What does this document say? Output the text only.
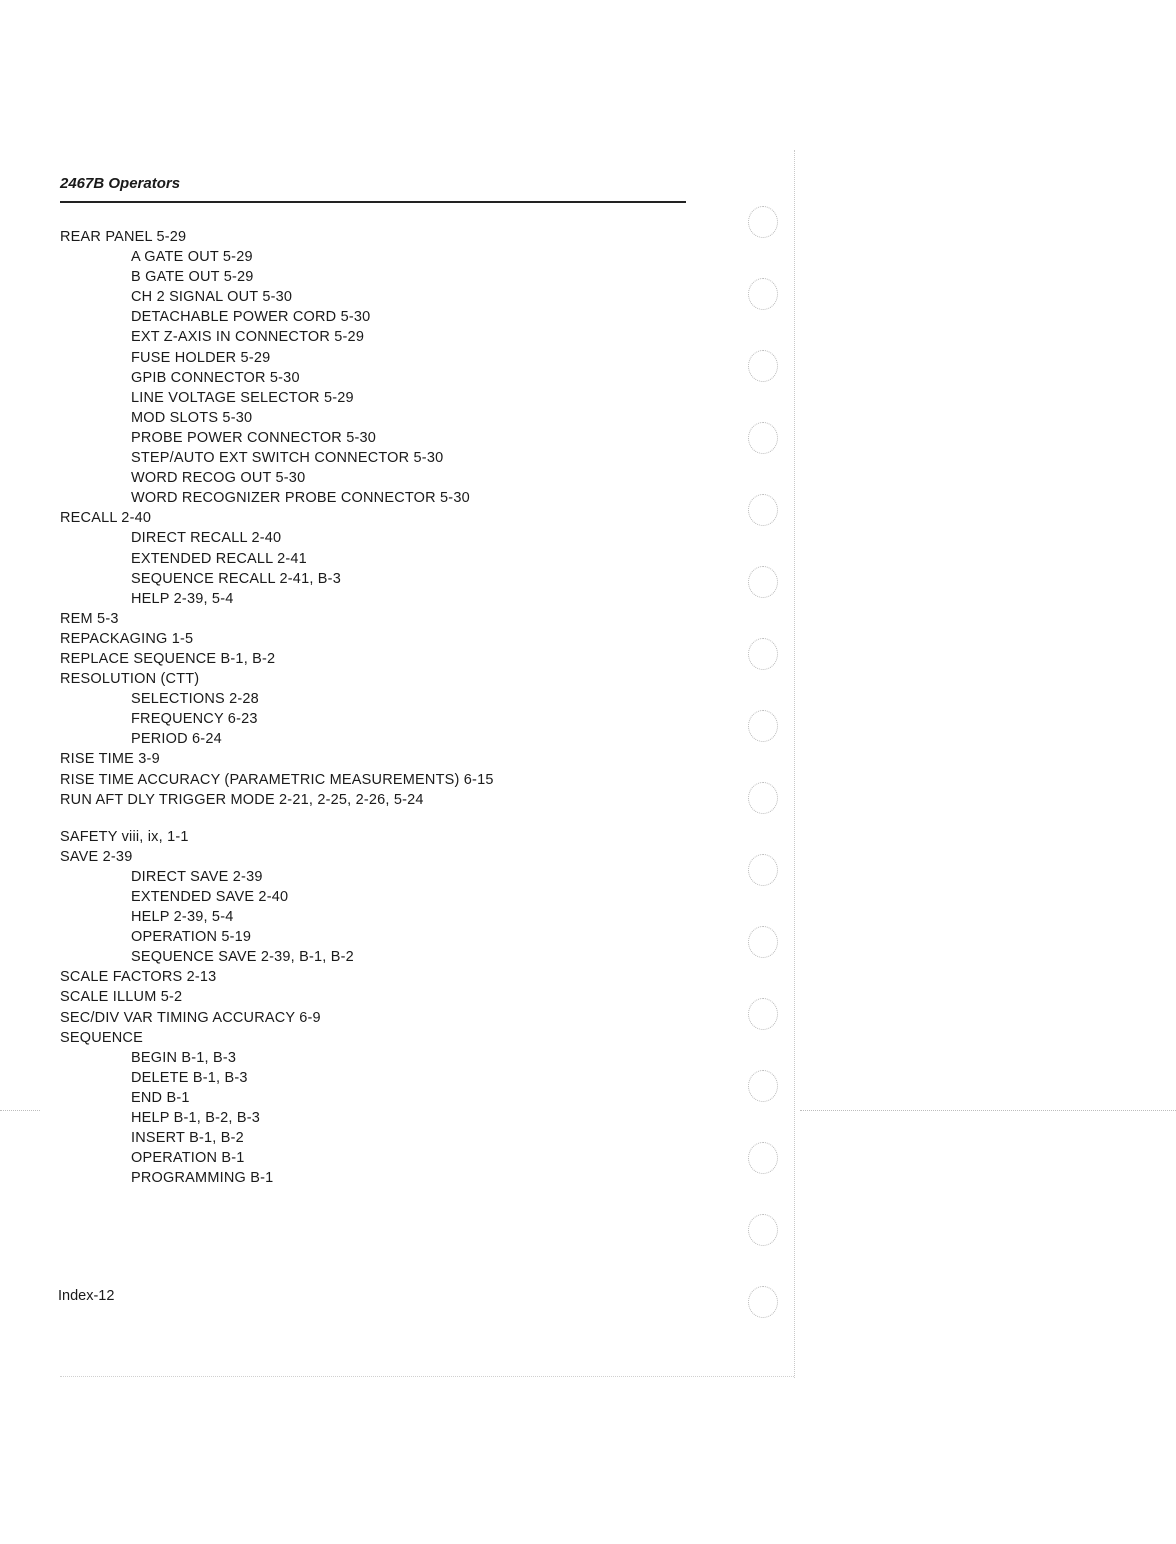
2467B Operators
REAR PANEL 5-29
A GATE OUT 5-29
B GATE OUT 5-29
CH 2 SIGNAL OUT 5-30
DETACHABLE POWER CORD 5-30
EXT Z-AXIS IN CONNECTOR 5-29
FUSE HOLDER 5-29
GPIB CONNECTOR 5-30
LINE VOLTAGE SELECTOR 5-29
MOD SLOTS 5-30
PROBE POWER CONNECTOR 5-30
STEP/AUTO EXT SWITCH CONNECTOR 5-30
WORD RECOG OUT 5-30
WORD RECOGNIZER PROBE CONNECTOR 5-30
RECALL 2-40
DIRECT RECALL 2-40
EXTENDED RECALL 2-41
SEQUENCE RECALL 2-41, B-3
HELP 2-39, 5-4
REM 5-3
REPACKAGING 1-5
REPLACE SEQUENCE B-1, B-2
RESOLUTION (CTT)
SELECTIONS 2-28
FREQUENCY 6-23
PERIOD 6-24
RISE TIME 3-9
RISE TIME ACCURACY (PARAMETRIC MEASUREMENTS) 6-15
RUN AFT DLY TRIGGER MODE 2-21, 2-25, 2-26, 5-24
SAFETY viii, ix, 1-1
SAVE 2-39
DIRECT SAVE 2-39
EXTENDED SAVE 2-40
HELP 2-39, 5-4
OPERATION 5-19
SEQUENCE SAVE 2-39, B-1, B-2
SCALE FACTORS 2-13
SCALE ILLUM 5-2
SEC/DIV VAR TIMING ACCURACY 6-9
SEQUENCE
BEGIN B-1, B-3
DELETE B-1, B-3
END B-1
HELP B-1, B-2, B-3
INSERT B-1, B-2
OPERATION B-1
PROGRAMMING B-1
Index-12
